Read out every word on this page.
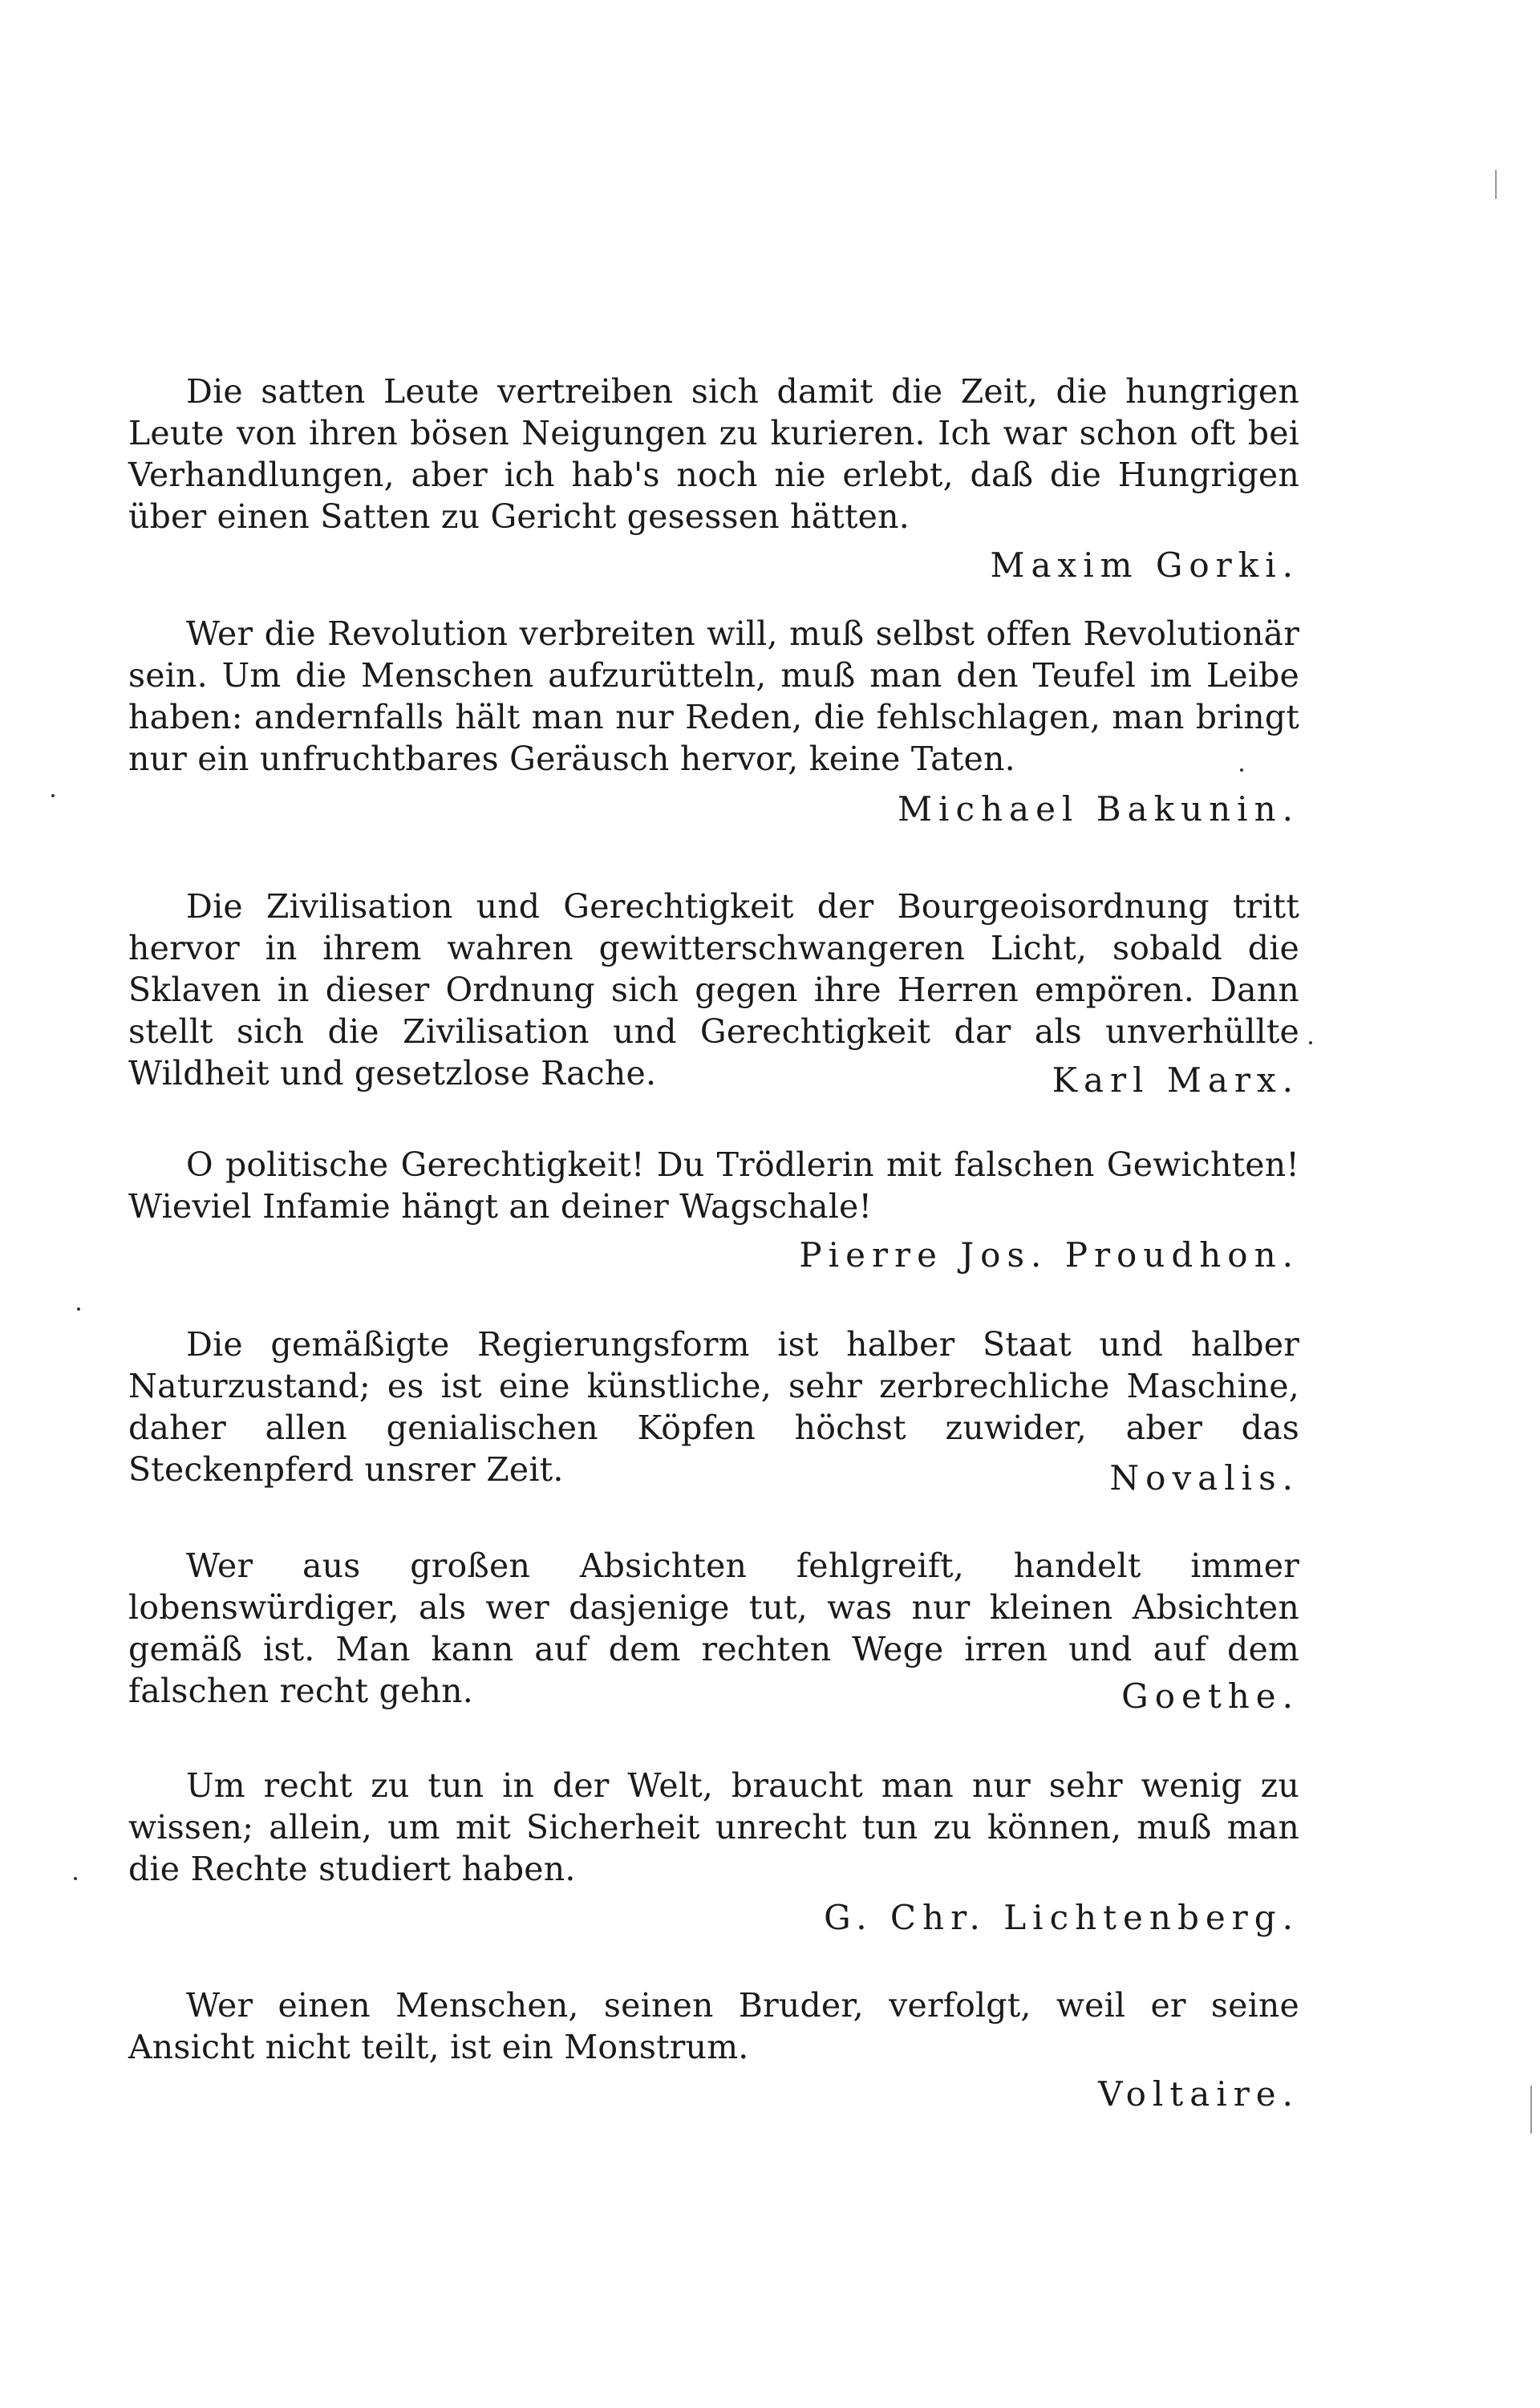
Die satten Leute vertreiben sich damit die Zeit, die hungrigen Leute von ihren bösen Neigungen zu kurieren. Ich war schon oft bei Verhandlungen, aber ich hab's noch nie erlebt, daß die Hungrigen über einen Satten zu Gericht gesessen hätten.

Maxim Gorki.

Wer die Revolution verbreiten will, muß selbst offen Revolutionär sein. Um die Menschen aufzurütteln, muß man den Teufel im Leibe haben: andernfalls hält man nur Reden, die fehlschlagen, man bringt nur ein unfruchtbares Geräusch hervor, keine Taten.

Michael Bakunin.

Die Zivilisation und Gerechtigkeit der Bourgeoisordnung tritt hervor in ihrem wahren gewitterschwangeren Licht, sobald die Sklaven in dieser Ordnung sich gegen ihre Herren empören. Dann stellt sich die Zivilisation und Gerechtigkeit dar als unverhüllte Wildheit und gesetzlose Rache.	Karl Marx.

O politische Gerechtigkeit! Du Trödlerin mit falschen Gewichten! Wieviel Infamie hängt an deiner Wagschale!

Pierre Jos. Proudhon.

Die gemäßigte Regierungsform ist halber Staat und halber Naturzustand; es ist eine künstliche, sehr zerbrechliche Maschine, daher allen genialischen Köpfen höchst zuwider, aber das Steckenpferd unsrer Zeit.	Novalis.

Wer aus großen Absichten fehlgreift, handelt immer lobenswürdiger, als wer dasjenige tut, was nur kleinen Absichten gemäß ist. Man kann auf dem rechten Wege irren und auf dem falschen recht gehn.	Goethe.

Um recht zu tun in der Welt, braucht man nur sehr wenig zu wissen; allein, um mit Sicherheit unrecht tun zu können, muß man die Rechte studiert haben.

G. Chr. Lichtenberg.

Wer einen Menschen, seinen Bruder, verfolgt, weil er seine Ansicht nicht teilt, ist ein Monstrum.

Voltaire.
